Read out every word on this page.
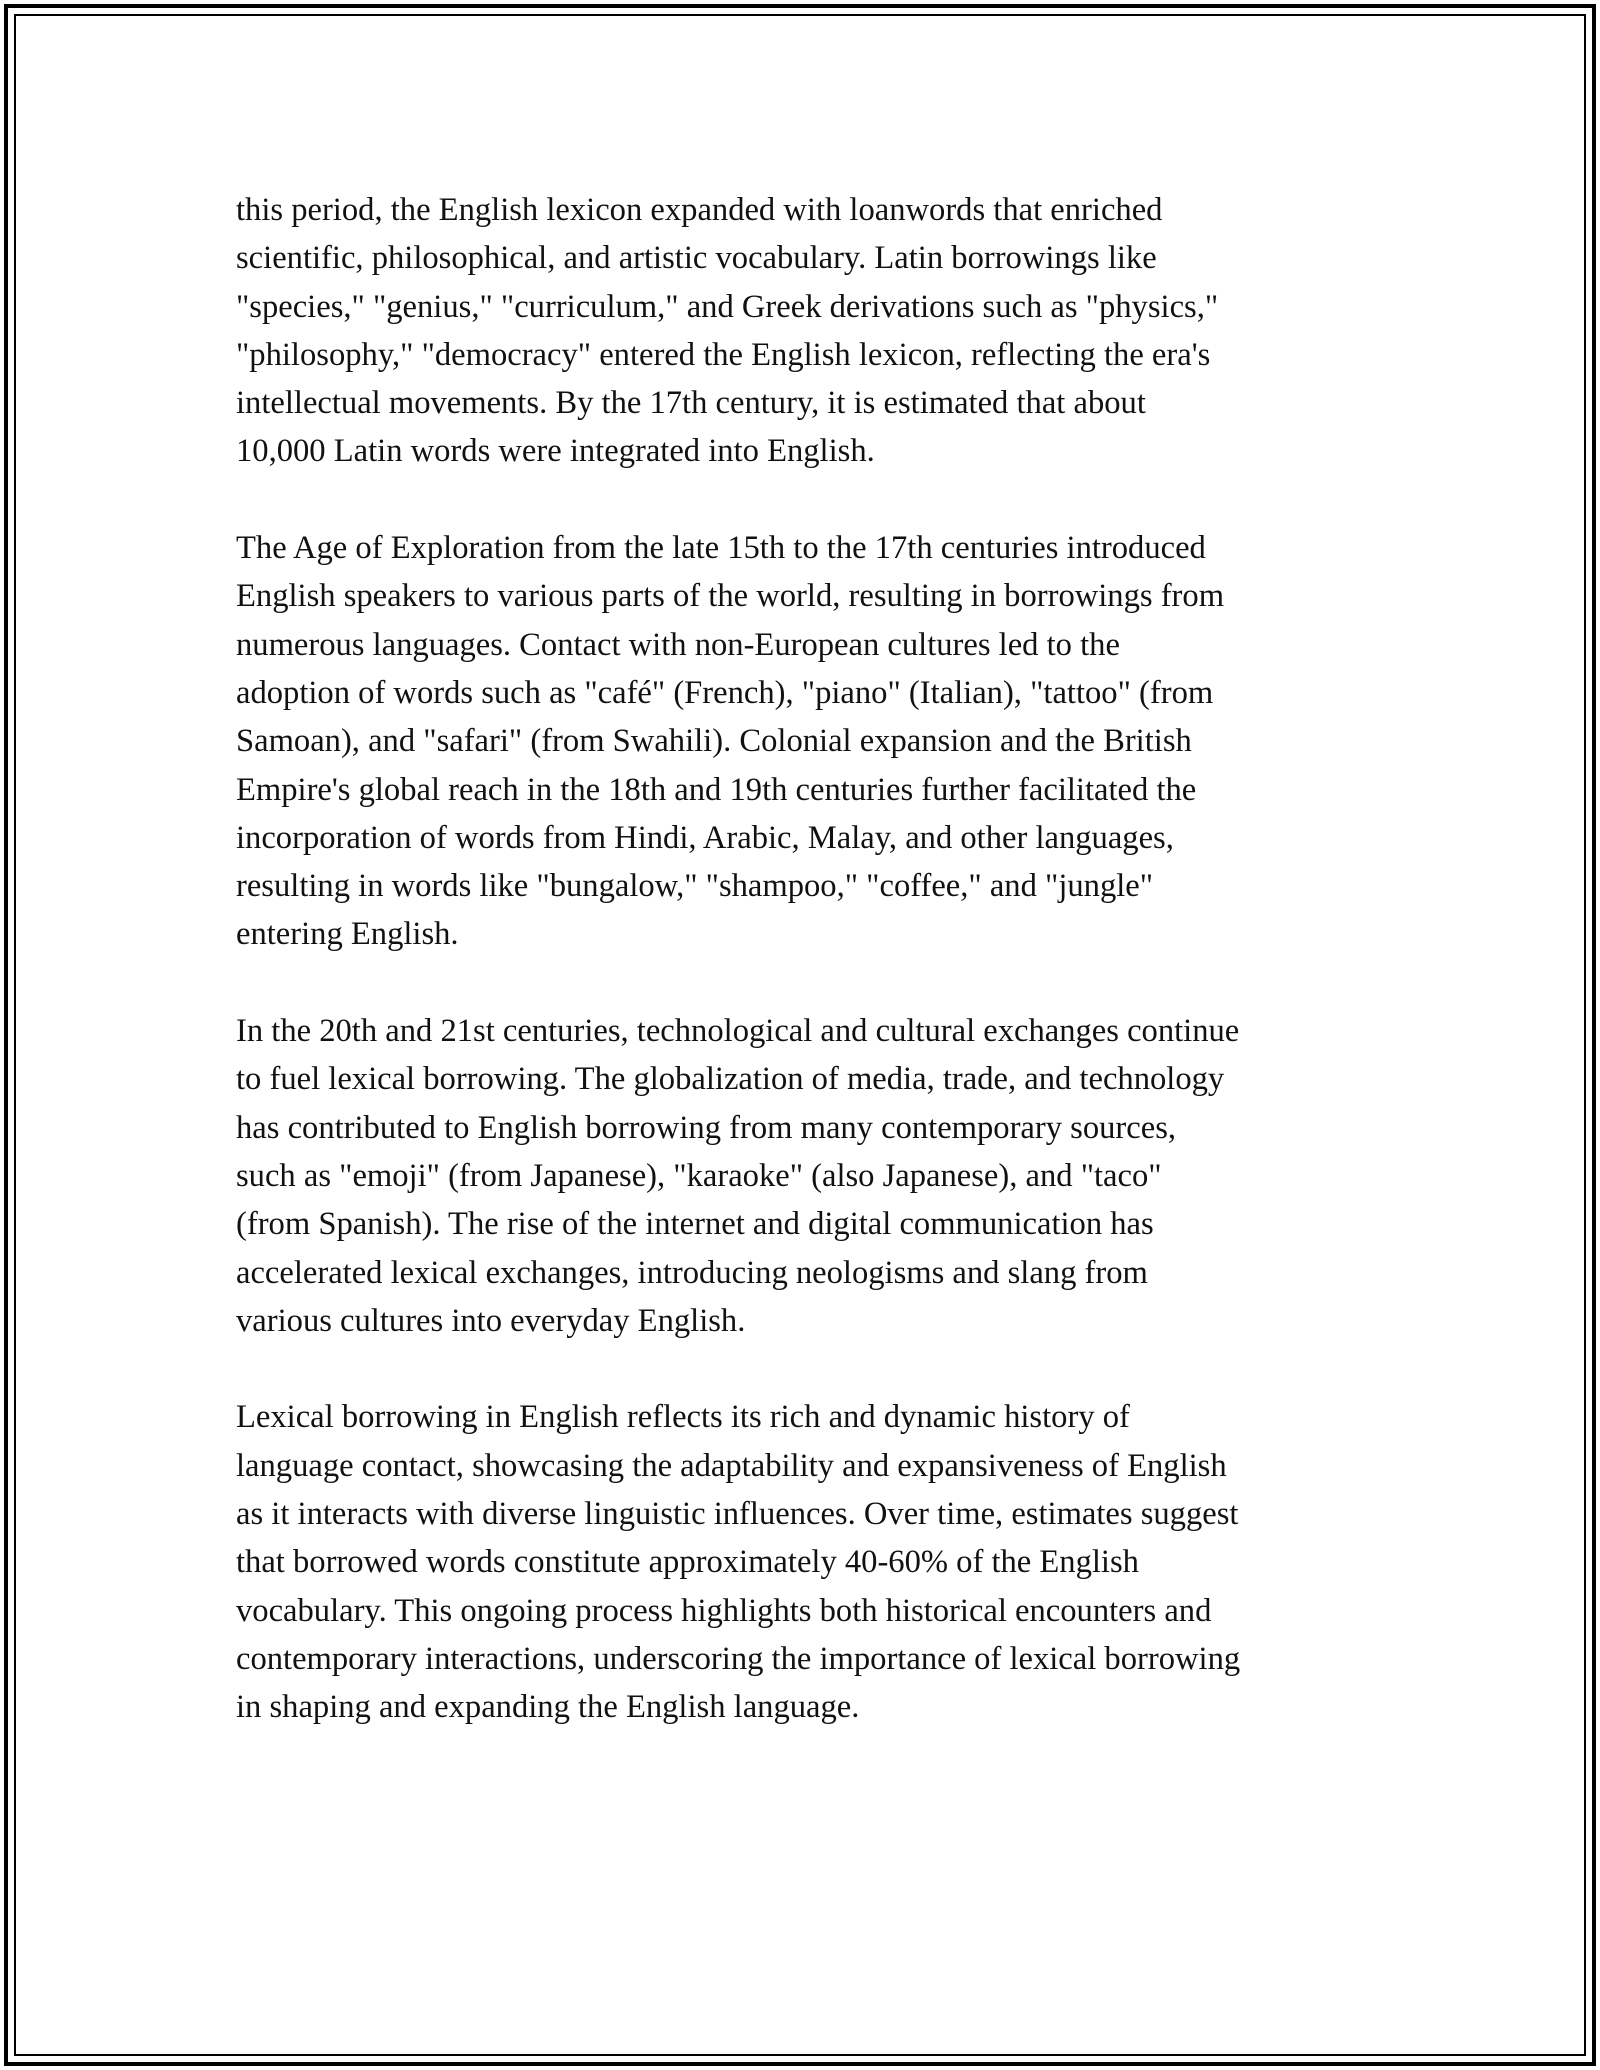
this period, the English lexicon expanded with loanwords that enriched
scientific, philosophical, and artistic vocabulary. Latin borrowings like
"species," "genius," "curriculum," and Greek derivations such as "physics,"
"philosophy," "democracy" entered the English lexicon, reflecting the era's
intellectual movements. By the 17th century, it is estimated that about
10,000 Latin words were integrated into English.
The Age of Exploration from the late 15th to the 17th centuries introduced
English speakers to various parts of the world, resulting in borrowings from
numerous languages. Contact with non-European cultures led to the
adoption of words such as "café" (French), "piano" (Italian), "tattoo" (from
Samoan), and "safari" (from Swahili). Colonial expansion and the British
Empire's global reach in the 18th and 19th centuries further facilitated the
incorporation of words from Hindi, Arabic, Malay, and other languages,
resulting in words like "bungalow," "shampoo," "coffee," and "jungle"
entering English.
In the 20th and 21st centuries, technological and cultural exchanges continue
to fuel lexical borrowing. The globalization of media, trade, and technology
has contributed to English borrowing from many contemporary sources,
such as "emoji" (from Japanese), "karaoke" (also Japanese), and "taco"
(from Spanish). The rise of the internet and digital communication has
accelerated lexical exchanges, introducing neologisms and slang from
various cultures into everyday English.
Lexical borrowing in English reflects its rich and dynamic history of
language contact, showcasing the adaptability and expansiveness of English
as it interacts with diverse linguistic influences. Over time, estimates suggest
that borrowed words constitute approximately 40-60% of the English
vocabulary. This ongoing process highlights both historical encounters and
contemporary interactions, underscoring the importance of lexical borrowing
in shaping and expanding the English language.
